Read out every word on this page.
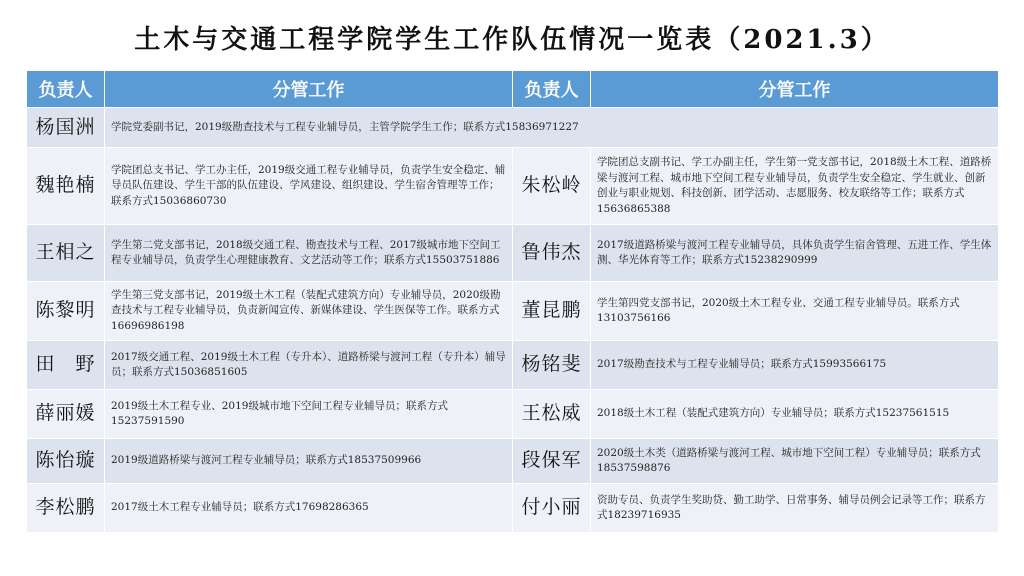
土木与交通工程学院学生工作队伍情况一览表（2021.3）
负责人	分管工作	负责人	分管工作
杨国洲	学院党委副书记，2019级勘查技术与工程专业辅导员，主管学院学生工作；联系方式15836971227		
魏艳楠	学院团总支书记、学工办主任，2019级交通工程专业辅导员，负责学生安全稳定、辅导员队伍建设、学生干部的队伍建设、学风建设、组织建设、学生宿舍管理等工作；联系方式15036860730	朱松岭	学院团总支副书记、学工办副主任，学生第一党支部书记，2018级土木工程、道路桥梁与渡河工程、城市地下空间工程专业辅导员，负责学生安全稳定、学生就业、创新创业与职业规划、科技创新、团学活动、志愿服务、校友联络等工作；联系方式15636865388
王相之	学生第二党支部书记，2018级交通工程、勘查技术与工程、2017级城市地下空间工程专业辅导员，负责学生心理健康教育、文艺活动等工作；联系方式15503751886	鲁伟杰	2017级道路桥梁与渡河工程专业辅导员，具体负责学生宿舍管理、五进工作、学生体测、华光体育等工作；联系方式15238290999
陈黎明	学生第三党支部书记，2019级土木工程（装配式建筑方向）专业辅导员，2020级勘查技术与工程专业辅导员，负责新闻宣传、新媒体建设、学生医保等工作。联系方式16696986198	董昆鹏	学生第四党支部书记，2020级土木工程专业、交通工程专业辅导员。联系方式13103756166
田　野	2017级交通工程、2019级土木工程（专升本）、道路桥梁与渡河工程（专升本）辅导员；联系方式15036851605	杨铭斐	2017级勘查技术与工程专业辅导员；联系方式15993566175
薛丽媛	2019级土木工程专业、2019级城市地下空间工程专业辅导员；联系方式15237591590	王松威	2018级土木工程（装配式建筑方向）专业辅导员；联系方式15237561515
陈怡璇	2019级道路桥梁与渡河工程专业辅导员；联系方式18537509966	段保军	2020级土木类（道路桥梁与渡河工程、城市地下空间工程）专业辅导员；联系方式18537598876
李松鹏	2017级土木工程专业辅导员；联系方式17698286365	付小丽	资助专员、负责学生奖助贷、勤工助学、日常事务、辅导员例会记录等工作；联系方式18239716935
